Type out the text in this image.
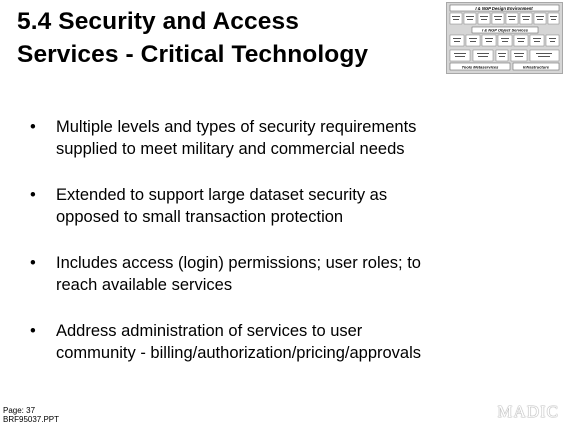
5.4 Security and Access
Services - Critical Technology
I & NGP Design Environment
I & NGP Object Services
Tools Metaservices	Infrastructure
• Multiple levels and types of security requirements
supplied to meet military and commercial needs
• Extended to support large dataset security as
opposed to small transaction protection
• Includes access (login) permissions; user roles; to
reach available services
• Address administration of services to user
community - billing/authorization/pricing/approvals
Page: 37
BRF95037.PPT	MADIC
